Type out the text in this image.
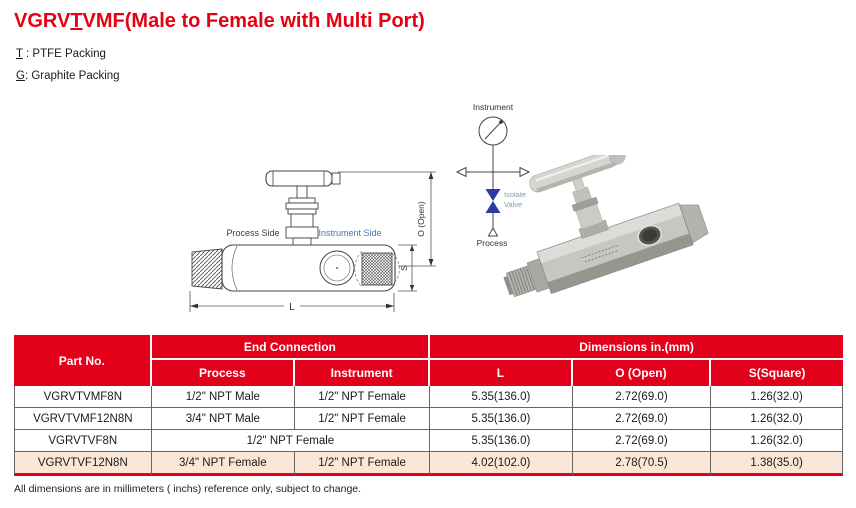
VGRVTVMF(Male to Female with Multi Port)
T : PTFE Packing
G: Graphite Packing
Process Side	Instrument Side	O (Open)
S
L
Instrument
Isolate
Valve
Process
Part No.	End Connection		Dimensions in.(mm)		
	Process	Instrument	L	O (Open)	S(Square)
VGRVTVMF8N	1/2" NPT Male	1/2" NPT Female	5.35(136.0)	2.72(69.0)	1.26(32.0)
VGRVTVMF12N8N	3/4" NPT Male	1/2" NPT Female	5.35(136.0)	2.72(69.0)	1.26(32.0)
VGRVTVF8N	1/2" NPT Female		5.35(136.0)	2.72(69.0)	1.26(32.0)
VGRVTVF12N8N	3/4" NPT Female	1/2" NPT Female	4.02(102.0)	2.78(70.5)	1.38(35.0)
All dimensions are in millimeters ( inchs) reference only, subject to change.
